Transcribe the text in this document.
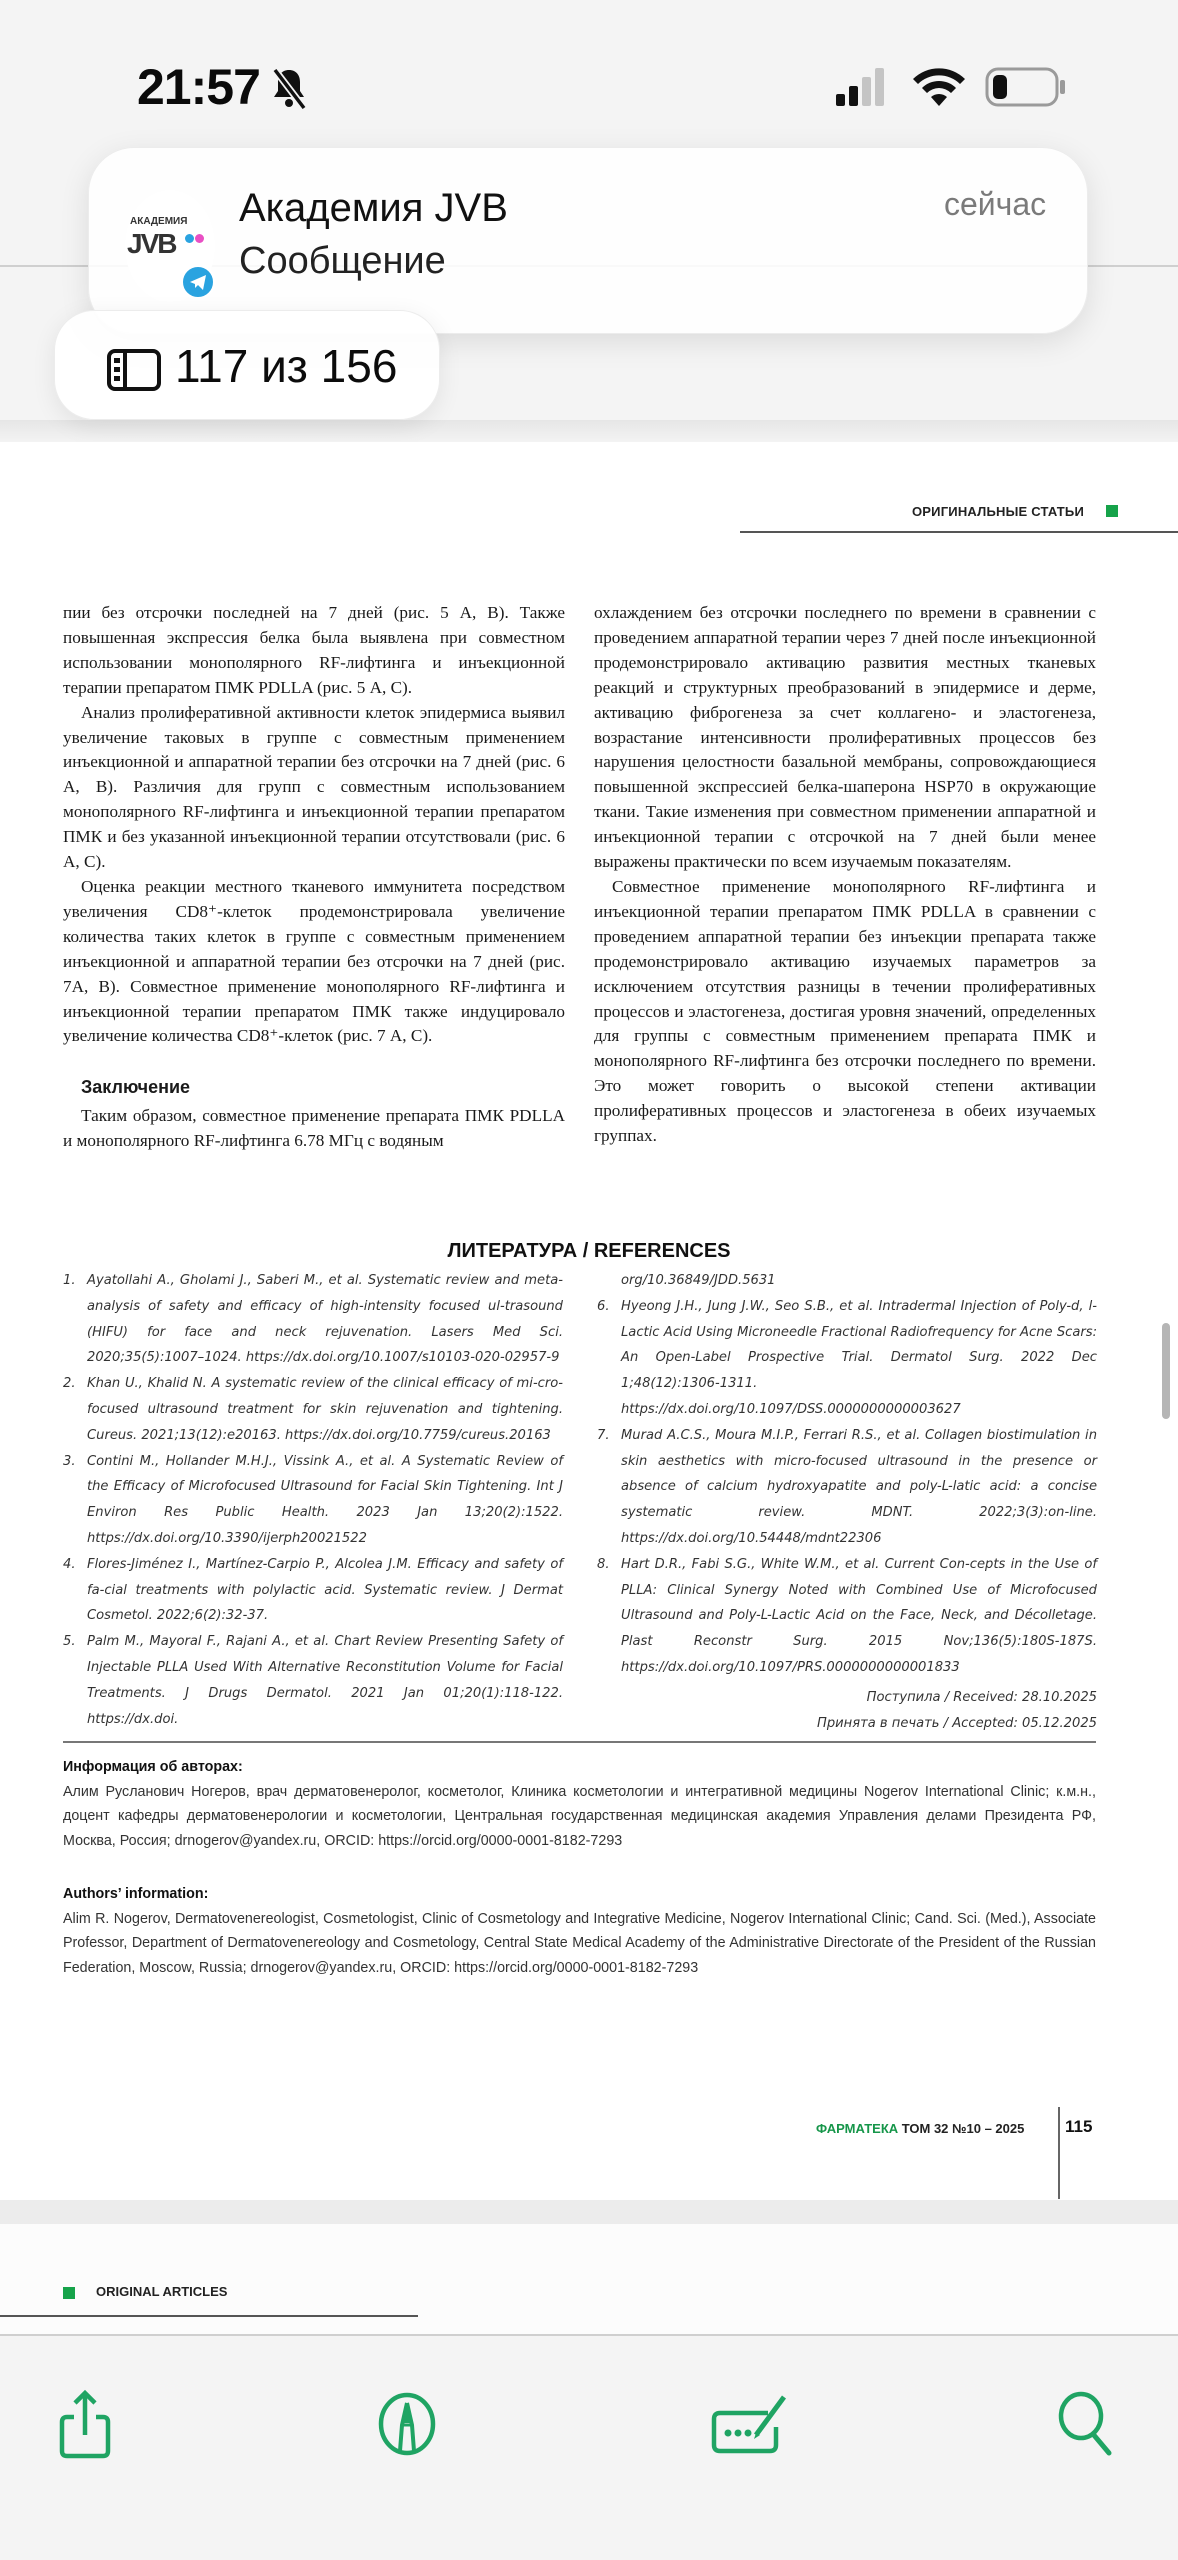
21:57
АКАДЕМИЯ
JVB
Академия JVB
Сообщение
сейчас
117 из 156
ОРИГИНАЛЬНЫЕ СТАТЬИ

пии без отсрочки последней на 7 дней (рис. 5 A, B). Также повышенная экспрессия белка была выявлена при совместном использовании монополярного RF-лифтинга и инъекционной терапии препаратом ПМК PDLLA (рис. 5 A, C).

Анализ пролиферативной активности клеток эпидермиса выявил увеличение таковых в группе с совместным применением инъекционной и аппаратной терапии без отсрочки на 7 дней (рис. 6 A, B). Различия для групп с совместным использованием монополярного RF-лифтинга и инъекционной терапии препаратом ПМК и без указанной инъекционной терапии отсутствовали (рис. 6 A, C).

Оценка реакции местного тканевого иммунитета посредством увеличения CD8⁺-клеток продемонстрировала увеличение количества таких клеток в группе с совместным применением инъекционной и аппаратной терапии без отсрочки на 7 дней (рис. 7A, B). Совместное применение монополярного RF-лифтинга и инъекционной терапии препаратом ПМК также индуцировало увеличение количества CD8⁺-клеток (рис. 7 A, C).

Заключение

Таким образом, совместное применение препарата ПМК PDLLA и монополярного RF-лифтинга 6.78 МГц с водяным

охлаждением без отсрочки последнего по времени в сравнении с проведением аппаратной терапии через 7 дней после инъекционной продемонстрировало активацию развития местных тканевых реакций и структурных преобразований в эпидермисе и дерме, активацию фиброгенеза за счет коллагено- и эластогенеза, возрастание интенсивности пролиферативных процессов без нарушения целостности базальной мембраны, сопровождающиеся повышенной экспрессией белка-шаперона HSP70 в окружающие ткани. Такие изменения при совместном применении аппаратной и инъекционной терапии с отсрочкой на 7 дней были менее выражены практически по всем изучаемым показателям.

Совместное применение монополярного RF-лифтинга и инъекционной терапии препаратом ПМК PDLLA в сравнении с проведением аппаратной терапии без инъекции препарата также продемонстрировало активацию изучаемых параметров за исключением отсутствия разницы в течении пролиферативных процессов и эластогенеза, достигая уровня значений, определенных для группы с совместным применением препарата ПМК и монополярного RF-лифтинга без отсрочки последнего по времени. Это может говорить о высокой степени активации пролиферативных процессов и эластогенеза в обеих изучаемых группах.

ЛИТЕРАТУРА / REFERENCES
1. Ayatollahi A., Gholami J., Saberi M., et al. Systematic review and meta-analysis of safety and efficacy of high-intensity focused ul-trasound (HIFU) for face and neck rejuvenation. Lasers Med Sci. 2020;35(5):1007–1024. https://dx.doi.org/10.1007/s10103-020-02957-9
2. Khan U., Khalid N. A systematic review of the clinical efficacy of mi-cro-focused ultrasound treatment for skin rejuvenation and tightening. Cureus. 2021;13(12):e20163. https://dx.doi.org/10.7759/cureus.20163
3. Contini M., Hollander M.H.J., Vissink A., et al. A Systematic Review of the Efficacy of Microfocused Ultrasound for Facial Skin Tightening. Int J Environ Res Public Health. 2023 Jan 13;20(2):1522. https://dx.doi.org/10.3390/ijerph20021522
4. Flores-Jiménez I., Martínez-Carpio P., Alcolea J.M. Efficacy and safety of fa-cial treatments with polylactic acid. Systematic review. J Dermat Cosmetol. 2022;6(2):32-37.
5. Palm M., Mayoral F., Rajani A., et al. Chart Review Presenting Safety of Injectable PLLA Used With Alternative Reconstitution Volume for Facial Treatments. J Drugs Dermatol. 2021 Jan 01;20(1):118-122. https://dx.doi.
org/10.36849/JDD.5631
6. Hyeong J.H., Jung J.W., Seo S.B., et al. Intradermal Injection of Poly-d, l-Lactic Acid Using Microneedle Fractional Radiofrequency for Acne Scars: An Open-Label Prospective Trial. Dermatol Surg. 2022 Dec 1;48(12):1306-1311. https://dx.doi.org/10.1097/DSS.0000000000003627
7. Murad A.C.S., Moura M.I.P., Ferrari R.S., et al. Collagen biostimulation in skin aesthetics with micro-focused ultrasound in the presence or absence of calcium hydroxyapatite and poly-L-latic acid: a concise systematic review. MDNT. 2022;3(3):on-line. https://dx.doi.org/10.54448/mdnt22306
8. Hart D.R., Fabi S.G., White W.M., et al. Current Con-cepts in the Use of PLLA: Clinical Synergy Noted with Combined Use of Microfocused Ultrasound and Poly-L-Lactic Acid on the Face, Neck, and Décolletage. Plast Reconstr Surg. 2015 Nov;136(5):180S-187S. https://dx.doi.org/10.1097/PRS.0000000000001833
Поступила / Received: 28.10.2025
Принята в печать / Accepted: 05.12.2025
Информация об авторах:
Алим Русланович Ногеров, врач дерматовенеролог, косметолог, Клиника косметологии и интегративной медицины Nogerov International Clinic; к.м.н., доцент кафедры дерматовенерологии и косметологии, Центральная государственная медицинская академия Управления делами Президента РФ, Москва, Россия; drnogerov@yandex.ru, ORCID: https://orcid.org/0000-0001-8182-7293
Authors’ information:
Alim R. Nogerov, Dermatovenereologist, Cosmetologist, Clinic of Cosmetology and Integrative Medicine, Nogerov International Clinic; Cand. Sci. (Med.), Associate Professor, Department of Dermatovenereology and Cosmetology, Central State Medical Academy of the Administrative Directorate of the President of the Russian Federation, Moscow, Russia; drnogerov@yandex.ru, ORCID: https://orcid.org/0000-0001-8182-7293
ФАРМАТЕКА ТОМ 32 №10 – 2025 115
ORIGINAL ARTICLES
